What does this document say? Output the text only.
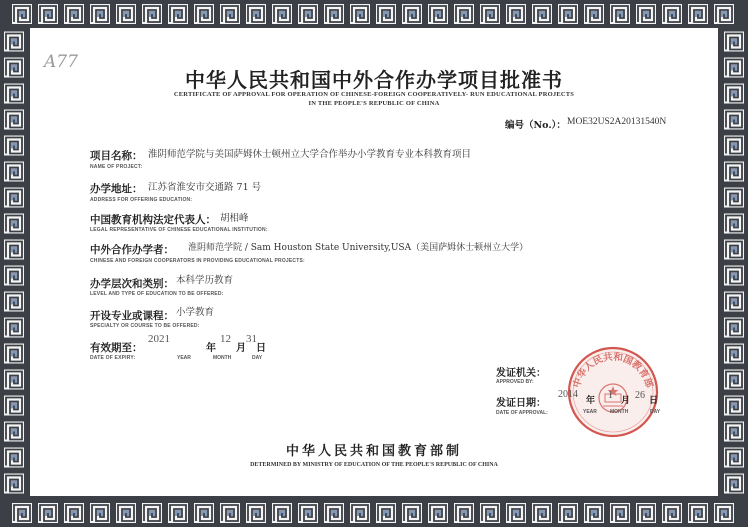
A77
中华人民共和国中外合作办学项目批准书
CERTIFICATE OF APPROVAL FOR OPERATION OF CHINESE-FOREIGN COOPERATIVELY- RUN EDUCATIONAL PROJECTS
IN THE PEOPLE'S REPUBLIC OF CHINA
编号（No.）： MOE32US2A20131540N
项目名称： 淮阴师范学院与美国萨姆休士顿州立大学合作举办小学教育专业本科教育项目
NAME OF PROJECT:
办学地址： 江苏省淮安市交通路 71 号
ADDRESS FOR OFFERING EDUCATION:
中国教育机构法定代表人： 胡相峰
LEGAL REPRESENTATIVE OF CHINESE EDUCATIONAL INSTITUTION:
中外合作办学者： 淮阴师范学院 / Sam Houston State University,USA（美国萨姆休士顿州立大学）
CHINESE AND FOREIGN COOPERATORS IN PROVIDING EDUCATIONAL PROJECTS:
办学层次和类别： 本科学历教育
LEVEL AND TYPE OF EDUCATION TO BE OFFERED:
开设专业或课程： 小学教育
SPECIALTY OR COURSE TO BE OFFERED:
有效期至：
DATE OF EXPIRY:
2021
年
YEAR
12
月
MONTH
31
日
DAY
中华人民共和国教育部
发证机关：
APPROVED BY:
发证日期：
DATE OF APPROVAL:
2014
年
YEAR
1 月
MONTH
26 日
DAY
中华人民共和国教育部制
DETERMINED BY MINISTRY OF EDUCATION OF THE PEOPLE'S REPUBLIC OF CHINA
